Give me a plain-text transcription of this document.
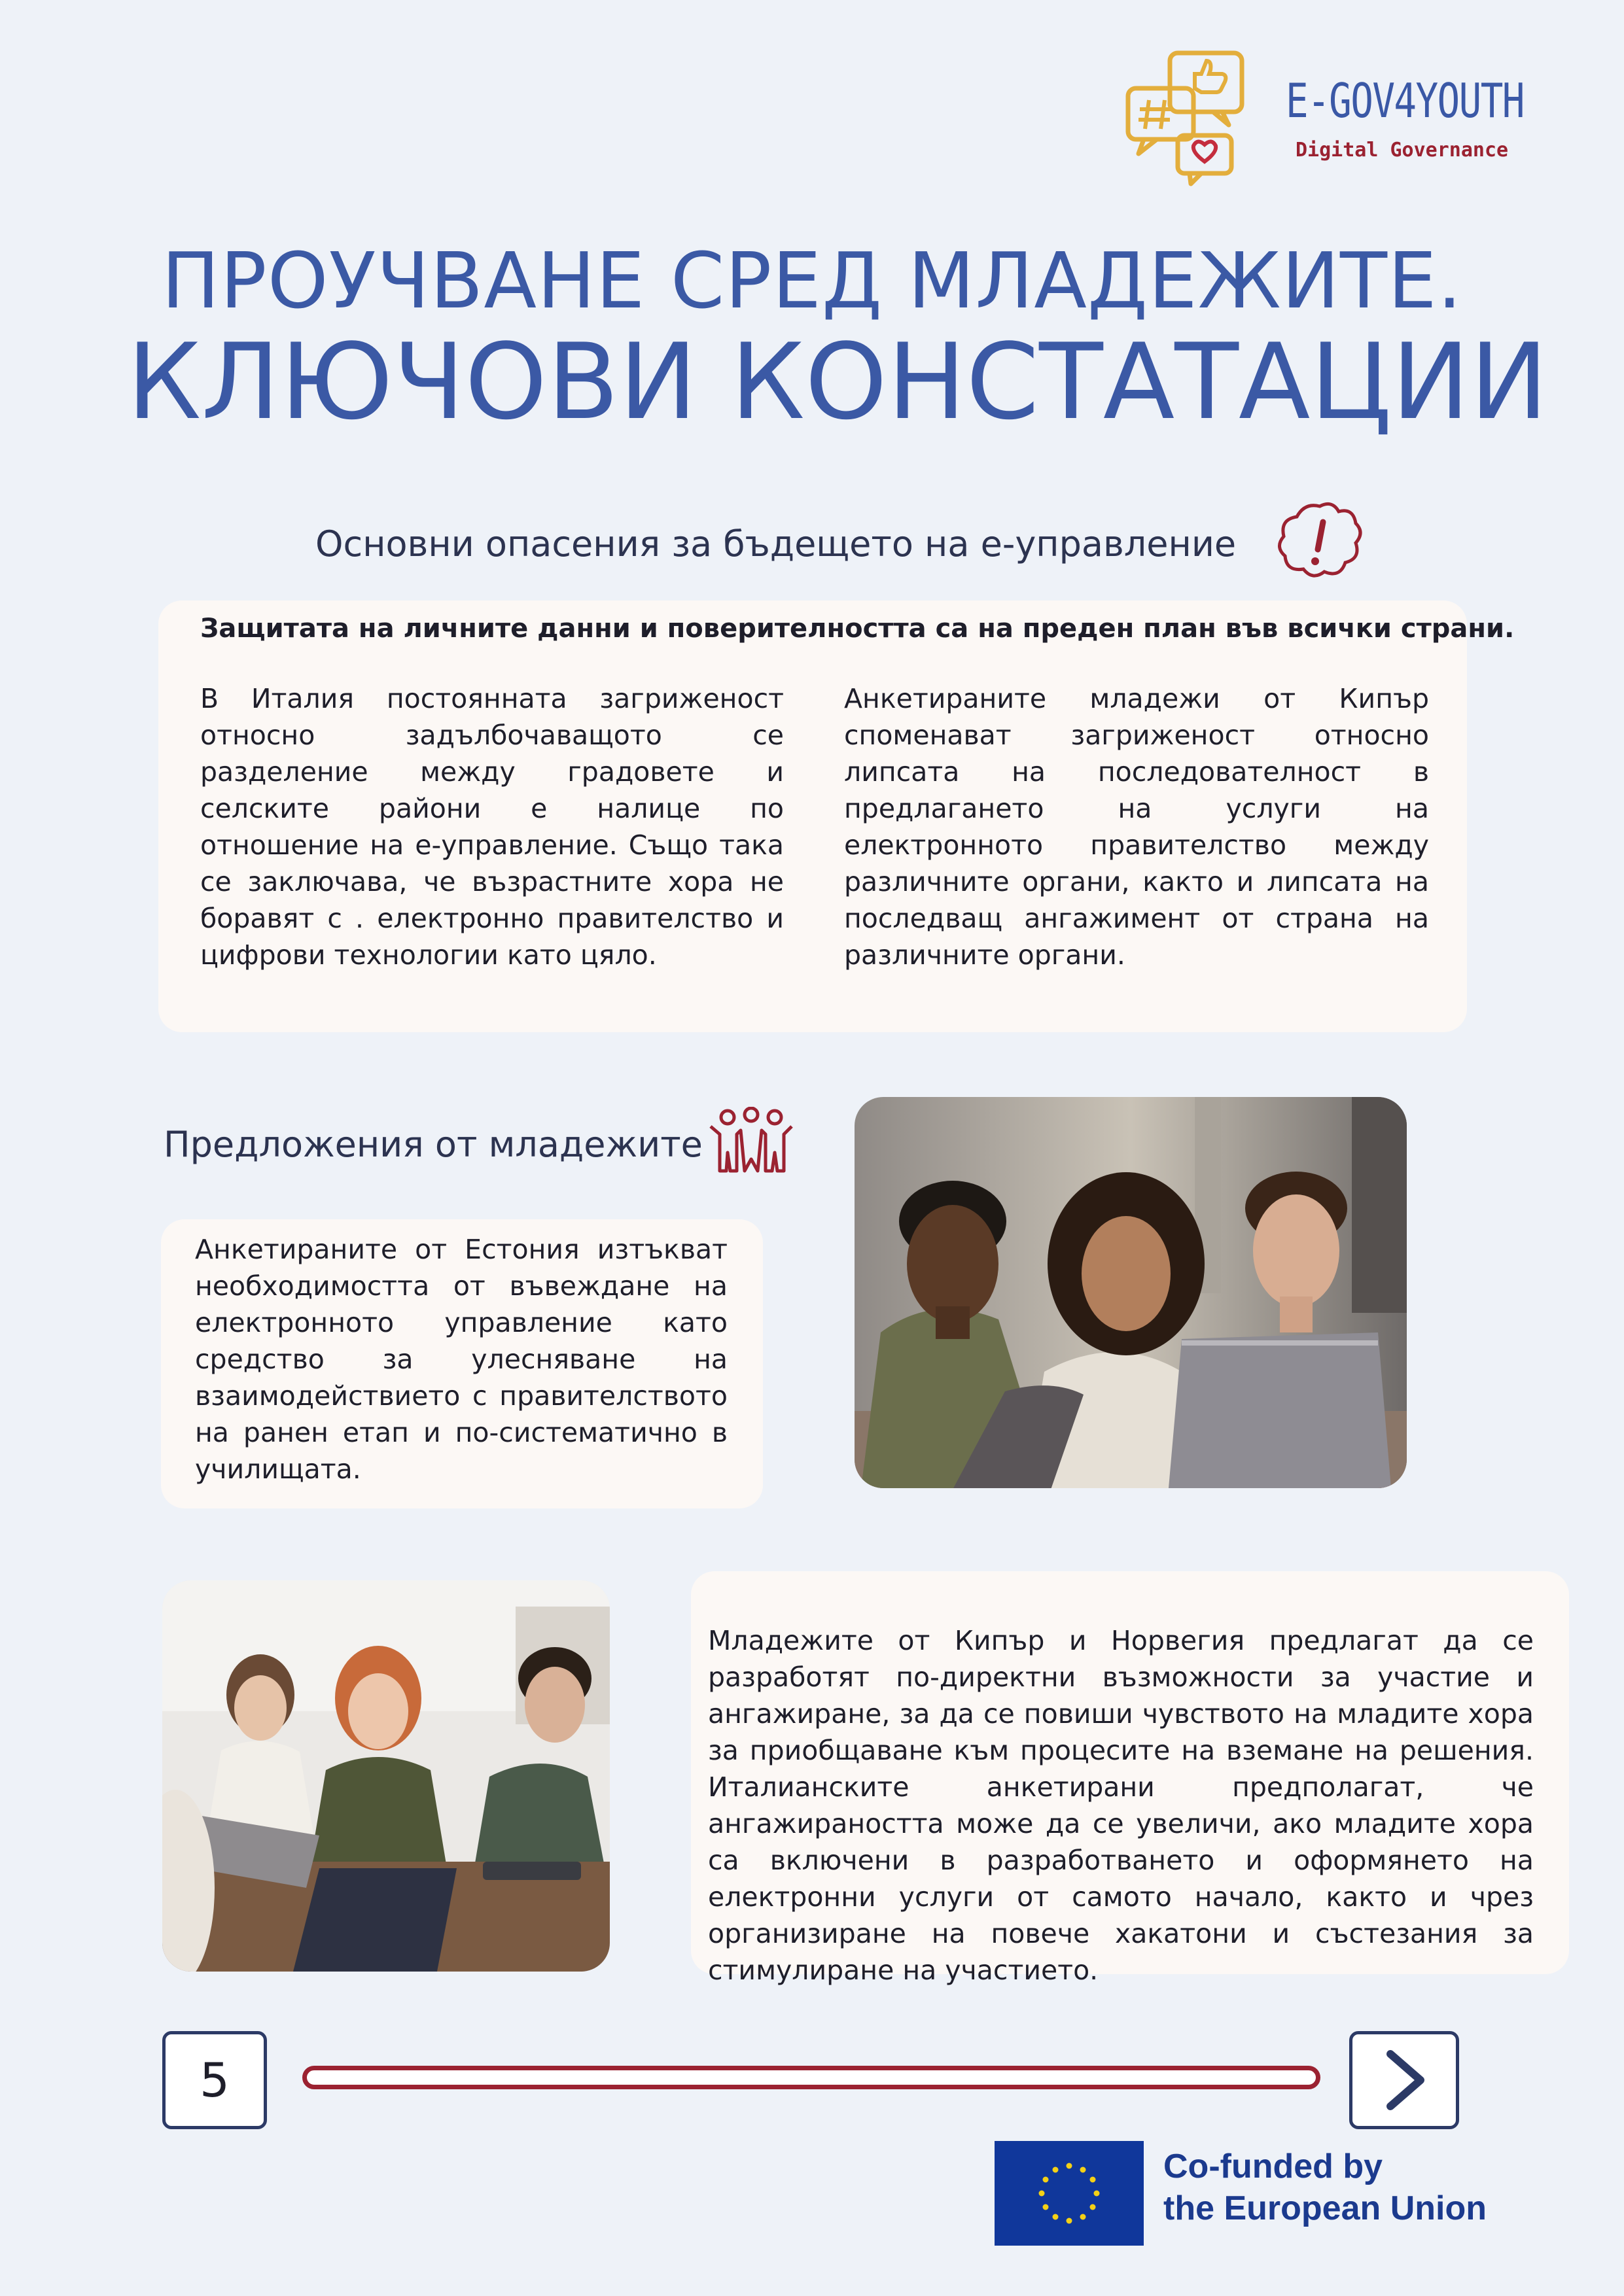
E-GOV4YOUTH
Digital Governance
ПРОУЧВАНЕ СРЕД МЛАДЕЖИТЕ.
КЛЮЧОВИ КОНСТАТАЦИИ
Основни опасения за бъдещето на е-управление
Защитата на личните данни и поверителността са на преден план във всички страни.
В Италия постоянната загриженост относно задълбочаващото се разделение между градовете и селските райони е налице по отношение на е-управление. Също така се заключава, че възрастните хора не боравят с . електронно правителство и цифрови технологии като цяло.
Анкетираните младежи от Кипър споменават загриженост относно липсата на последователност в предлагането на услуги на електронното правителство между различните органи, както и липсата на последващ ангажимент от страна на различните органи.
Предложения от младежите
Анкетираните от Естония изтъкват необходимостта от въвеждане на електронното управление като средство за улесняване на взаимодействието с правителството на ранен етап и по-систематично в училищата.
Младежите от Кипър и Норвегия предлагат да се разработят по-директни възможности за участие и ангажиране, за да се повиши чувството на младите хора за приобщаване към процесите на вземане на решения. Италианските анкетирани предполагат, че ангажираността може да се увеличи, ако младите хора са включени в разработването и оформянето на електронни услуги от самото начало, както и чрез организиране на повече хакатони и състезания за стимулиране на участието.
5
Co-funded by
the European Union
